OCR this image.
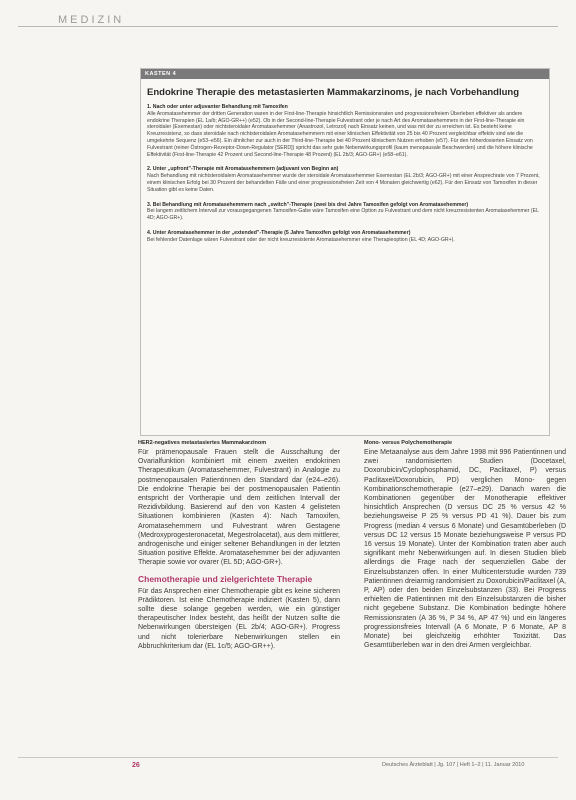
MEDIZIN
KASTEN 4
Endokrine Therapie des metastasierten Mammakarzinoms, je nach Vorbehandlung
1. Nach oder unter adjuvanter Behandlung mit Tamoxifen
Alle Aromatasehemmer der dritten Generation waren in der First-line-Therapie hinsichtlich Remissionsraten und progressionsfreiem Überleben effektiver als andere endokrine Therapien (EL 1a/b; AGO-GR++) (e52). Ob in der Second-line-Therapie Fulvestrant oder je nach Art des Aromatasehemmers in der First-line-Therapie ein steroidaler (Exemestan) oder nichtsteroidaler Aromatasehemmer (Anastrozol, Letrozol) nach Einsatz keinen, und was mit der zu erreichen ist. Es besteht keine Kreuzresistenz, so dass steroidale nach nichtsteroidalen Aromatasehemmern mit einer klinischen Effektivität von 25 bis 40 Prozent vergleichbar effektiv sind wie die umgekehrte Sequenz (e53–e56). Ein ähnlicher zur auch in der Third-line-Therapie bei 40 Prozent klinischem Nutzen erhoben (e57). Für den höherdosierten Einsatz von Fulvestrant (reiner Östrogen-Rezeptor-Down-Regulator [SERD]) spricht das sehr gute Nebenwirkungsprofil (kaum menopausale Beschwerden) und die höhere klinische Effektivität (First-line-Therapie 42 Prozent und Second-line-Therapie 48 Prozent) (EL 2b/3; AGO-GR+) (e58–e61).
2. Unter „upfront"-Therapie mit Aromatasehemmern (adjuvant von Beginn an)
Nach Behandlung mit nichtsteroidalem Aromatasehemmer wurde der steroidale Aromatasehemmer Exemestan (EL 2b/3; AGO-GR+) mit einer Ansprechrate von 7 Prozent, einem klinischen Erfolg bei 30 Prozent der behandelten Fälle und einer progressionsfreien Zeit von 4 Monaten gleichwertig (e62). Für den Einsatz von Tamoxifen in dieser Situation gibt es keine Daten.
3. Bei Behandlung mit Aromatasehemmern nach „switch"-Therapie (zwei bis drei Jahre Tamoxifen gefolgt von Aromatasehemmer)
Bei langem zeitlichem Intervall zur vorausgegangenen Tamoxifen-Gabe wäre Tamoxifen eine Option zu Fulvestrant und dem nicht kreuzresistenten Aromatasehemmer (EL 4D; AGO-GR+).
4. Unter Aromatasehemmer in der „extended"-Therapie (5 Jahre Tamoxifen gefolgt von Aromatasehemmer)
Bei fehlender Datenlage wären Fulvestrant oder der nicht kreuzresistente Aromatasehemmer eine Therapieoption (EL 4D; AGO-GR+).
HER2-negatives metastasiertes Mammakarzinom
Für prämenopausale Frauen stellt die Ausschaltung der Ovarialfunktion kombiniert mit einem zweiten endokrinen Therapeutikum (Aromatasehemmer, Fulvestrant) in Analogie zu postmenopausalen Patientinnen den Standard dar (e24–e26). Die endokrine Therapie bei der postmenopausalen Patientin entspricht der Vortherapie und dem zeitlichen Intervall der Rezidivbildung. Basierend auf den von Kasten 4 gelisteten Situationen kombinieren (Kasten 4): Nach Tamoxifen, Aromatasehemmern und Fulvestrant wären Gestagene (Medroxyprogesteronacetat, Megestrolacetat), aus dem mittlerer, androgenische und einiger seltener Behandlungen in der letzten Situation positive Effekte. Aromatasehemmer bei der adjuvanten Therapie sowie vor ovarer (EL 5D; AGO-GR+).
Chemotherapie und zielgerichtete Therapie
Für das Ansprechen einer Chemotherapie gibt es keine sicheren Prädiktoren. Ist eine Chemotherapie indiziert (Kasten 5), dann sollte diese solange gegeben werden, wie ein günstiger therapeutischer Index besteht, das heißt der Nutzen sollte die Nebenwirkungen übersteigen (EL 2b/4; AGO-GR+). Progress und nicht tolerierbare Nebenwirkungen stellen ein Abbruchkriterium dar (EL 1c/5; AGO-GR++).
Mono- versus Polychemotherapie
Eine Metaanalyse aus dem Jahre 1998 mit 996 Patientinnen und zwei randomisierten Studien (Docetaxel, Doxorubicin/Cyclophosphamid, DC, Paclitaxel, P) versus Paclitaxel/Doxorubicin, PD) verglichen Mono- gegen Kombinationschemotherapie (e27–e29). Danach waren die Kombinationen gegenüber der Monotherapie effektiver hinsichtlich Ansprechen (D versus DC 25 % versus 42 % beziehungsweise P 25 % versus PD 41 %). Dauer bis zum Progress (median 4 versus 6 Monate) und Gesamtüberleben (D versus DC 12 versus 15 Monate beziehungsweise P versus PD 16 versus 19 Monate). Unter der Kombination traten aber auch signifikant mehr Nebenwirkungen auf. In diesen Studien blieb allerdings die Frage nach der sequenziellen Gabe der Einzelsubstanzen offen. In einer Multicenterstudie wurden 739 Patientinnen dreiarmig randomisiert zu Doxorubicin/Paclitaxel (A, P, AP) oder den beiden Einzelsubstanzen (33). Bei Progress erhielten die Patientinnen mit den Einzelsubstanzen die bisher nicht gegebene Substanz. Die Kombination bedingte höhere Remissionsraten (A 36 %, P 34 %, AP 47 %) und ein längeres progressionsfreies Intervall (A 6 Monate, P 6 Monate, AP 8 Monate) bei gleichzeitig erhöhter Toxizität. Das Gesamtüberleben war in den drei Armen vergleichbar.
26	Deutsches Ärzteblatt | Jg. 107 | Heft 1–2 | 11. Januar 2010
